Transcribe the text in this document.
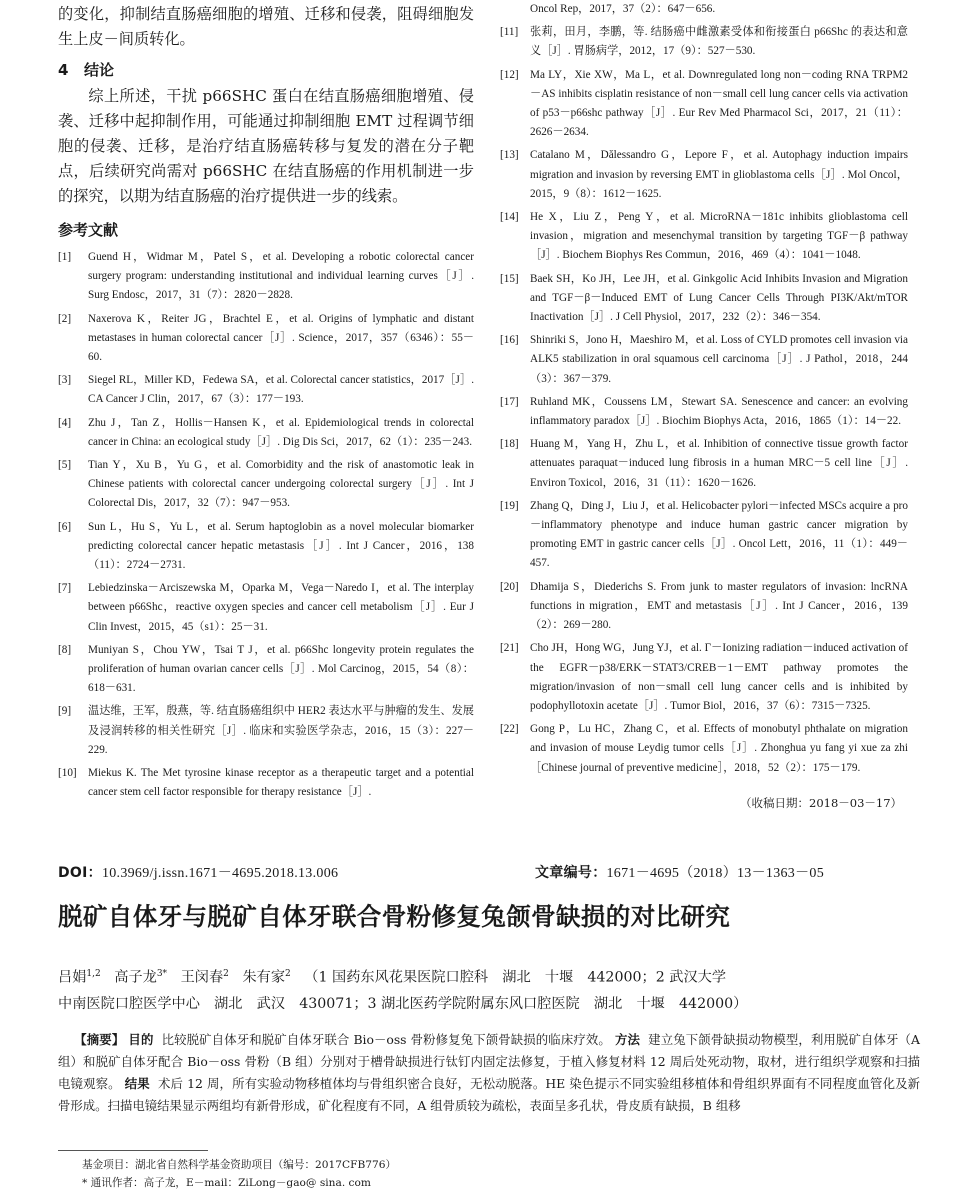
的变化，抑制结直肠癌细胞的增殖、迁移和侵袭，阻碍细胞发生上皮－间质转化。

4 结论

综上所述，干扰 p66SHC 蛋白在结直肠癌细胞增殖、侵袭、迁移中起抑制作用，可能通过抑制细胞 EMT 过程调节细胞的侵袭、迁移，是治疗结直肠癌转移与复发的潜在分子靶点，后续研究尚需对 p66SHC 在结直肠癌的作用机制进一步的探究，以期为结直肠癌的治疗提供进一步的线索。

参考文献
[1] Guend H，Widmar M，Patel S，et al. Developing a robotic colorectal cancer surgery program: understanding institutional and individual learning curves［J］. Surg Endosc，2017，31（7）：2820－2828.
[2] Naxerova K，Reiter JG，Brachtel E，et al. Origins of lymphatic and distant metastases in human colorectal cancer［J］. Science，2017，357（6346）：55－60.
[3] Siegel RL，Miller KD，Fedewa SA，et al. Colorectal cancer statistics，2017［J］. CA Cancer J Clin，2017，67（3）：177－193.
[4] Zhu J，Tan Z，Hollis－Hansen K，et al. Epidemiological trends in colorectal cancer in China: an ecological study［J］. Dig Dis Sci，2017，62（1）：235－243.
[5] Tian Y，Xu B，Yu G，et al. Comorbidity and the risk of anastomotic leak in Chinese patients with colorectal cancer undergoing colorectal surgery［J］. Int J Colorectal Dis，2017，32（7）：947－953.
[6] Sun L，Hu S，Yu L，et al. Serum haptoglobin as a novel molecular biomarker predicting colorectal cancer hepatic metastasis［J］. Int J Cancer，2016，138（11）：2724－2731.
[7] Lebiedzinska－Arciszewska M，Oparka M，Vega－Naredo I，et al. The interplay between p66Shc，reactive oxygen species and cancer cell metabolism［J］. Eur J Clin Invest，2015，45（s1）：25－31.
[8] Muniyan S，Chou YW，Tsai T J，et al. p66Shc longevity protein regulates the proliferation of human ovarian cancer cells［J］. Mol Carcinog，2015，54（8）：618－631.
[9] 温达维，王军，殷燕，等. 结直肠癌组织中 HER2 表达水平与肿瘤的发生、发展及浸润转移的相关性研究［J］. 临床和实验医学杂志，2016，15（3）：227－229.
[10] Miekus K. The Met tyrosine kinase receptor as a therapeutic target and a potential cancer stem cell factor responsible for therapy resistance［J］.
Oncol Rep，2017，37（2）：647－656.
[11] 张莉，田月，李鹏，等. 结肠癌中雌激素受体和衔接蛋白 p66Shc 的表达和意义［J］. 胃肠病学，2012，17（9）：527－530.
[12] Ma LY，Xie XW，Ma L，et al. Downregulated long non－coding RNA TRPM2－AS inhibits cisplatin resistance of non－small cell lung cancer cells via activation of p53－p66shc pathway［J］. Eur Rev Med Pharmacol Sci，2017，21（11）：2626－2634.
[13] Catalano M，Dălessandro G，Lepore F，et al. Autophagy induction impairs migration and invasion by reversing EMT in glioblastoma cells［J］. Mol Oncol，2015，9（8）：1612－1625.
[14] He X，Liu Z，Peng Y，et al. MicroRNA－181c inhibits glioblastoma cell invasion，migration and mesenchymal transition by targeting TGF－β pathway［J］. Biochem Biophys Res Commun，2016，469（4）：1041－1048.
[15] Baek SH，Ko JH，Lee JH，et al. Ginkgolic Acid Inhibits Invasion and Migration and TGF－β－Induced EMT of Lung Cancer Cells Through PI3K/Akt/mTOR Inactivation［J］. J Cell Physiol，2017，232（2）：346－354.
[16] Shinriki S，Jono H，Maeshiro M，et al. Loss of CYLD promotes cell invasion via ALK5 stabilization in oral squamous cell carcinoma［J］. J Pathol，2018，244（3）：367－379.
[17] Ruhland MK，Coussens LM，Stewart SA. Senescence and cancer: an evolving inflammatory paradox［J］. Biochim Biophys Acta，2016，1865（1）：14－22.
[18] Huang M，Yang H，Zhu L，et al. Inhibition of connective tissue growth factor attenuates paraquat－induced lung fibrosis in a human MRC－5 cell line［J］. Environ Toxicol，2016，31（11）：1620－1626.
[19] Zhang Q，Ding J，Liu J，et al. Helicobacter pylori－infected MSCs acquire a pro－inflammatory phenotype and induce human gastric cancer migration by promoting EMT in gastric cancer cells［J］. Oncol Lett，2016，11（1）：449－457.
[20] Dhamija S，Diederichs S. From junk to master regulators of invasion: lncRNA functions in migration，EMT and metastasis［J］. Int J Cancer，2016，139（2）：269－280.
[21] Cho JH，Hong WG，Jung YJ，et al. Γ－Ionizing radiation－induced activation of the EGFR－p38/ERK－STAT3/CREB－1－EMT pathway promotes the migration/invasion of non－small cell lung cancer cells and is inhibited by podophyllotoxin acetate［J］. Tumor Biol，2016，37（6）：7315－7325.
[22] Gong P，Lu HC，Zhang C，et al. Effects of monobutyl phthalate on migration and invasion of mouse Leydig tumor cells［J］. Zhonghua yu fang yi xue za zhi［Chinese journal of preventive medicine］，2018，52（2）：175－179.
（收稿日期：2018－03－17）
DOI：10.3969/j.issn.1671－4695.2018.13.006	文章编号：1671－4695（2018）13－1363－05
脱矿自体牙与脱矿自体牙联合骨粉修复兔颌骨缺损的对比研究
吕娟$^{1,2}$ 高子龙$^{3*}$ 王闵春$^2$ 朱有家$^2$ （1 国药东风花果医院口腔科　湖北　十堰　442000；2 武汉大学
中南医院口腔医学中心　湖北　武汉　430071；3 湖北医药学院附属东风口腔医院　湖北　十堰　442000）

【摘要】 目的 比较脱矿自体牙和脱矿自体牙联合 Bio－oss 骨粉修复兔下颌骨缺损的临床疗效。 方法 建立兔下颌骨缺损动物模型，利用脱矿自体牙（A 组）和脱矿自体牙配合 Bio－oss 骨粉（B 组）分别对于槽骨缺损进行钛钉内固定法修复，于植入修复材料 12 周后处死动物，取材，进行组织学观察和扫描电镜观察。 结果 术后 12 周，所有实验动物移植体均与骨组织密合良好，无松动脱落。HE 染色提示不同实验组移植体和骨组织界面有不同程度血管化及新骨形成。扫描电镜结果显示两组均有新骨形成，矿化程度有不同，A 组骨质较为疏松，表面呈多孔状，骨皮质有缺损，B 组移

基金项目：湖北省自然科学基金资助项目（编号：2017CFB776）
* 通讯作者：高子龙，E－mail：ZiLong－gao@ sina. com
